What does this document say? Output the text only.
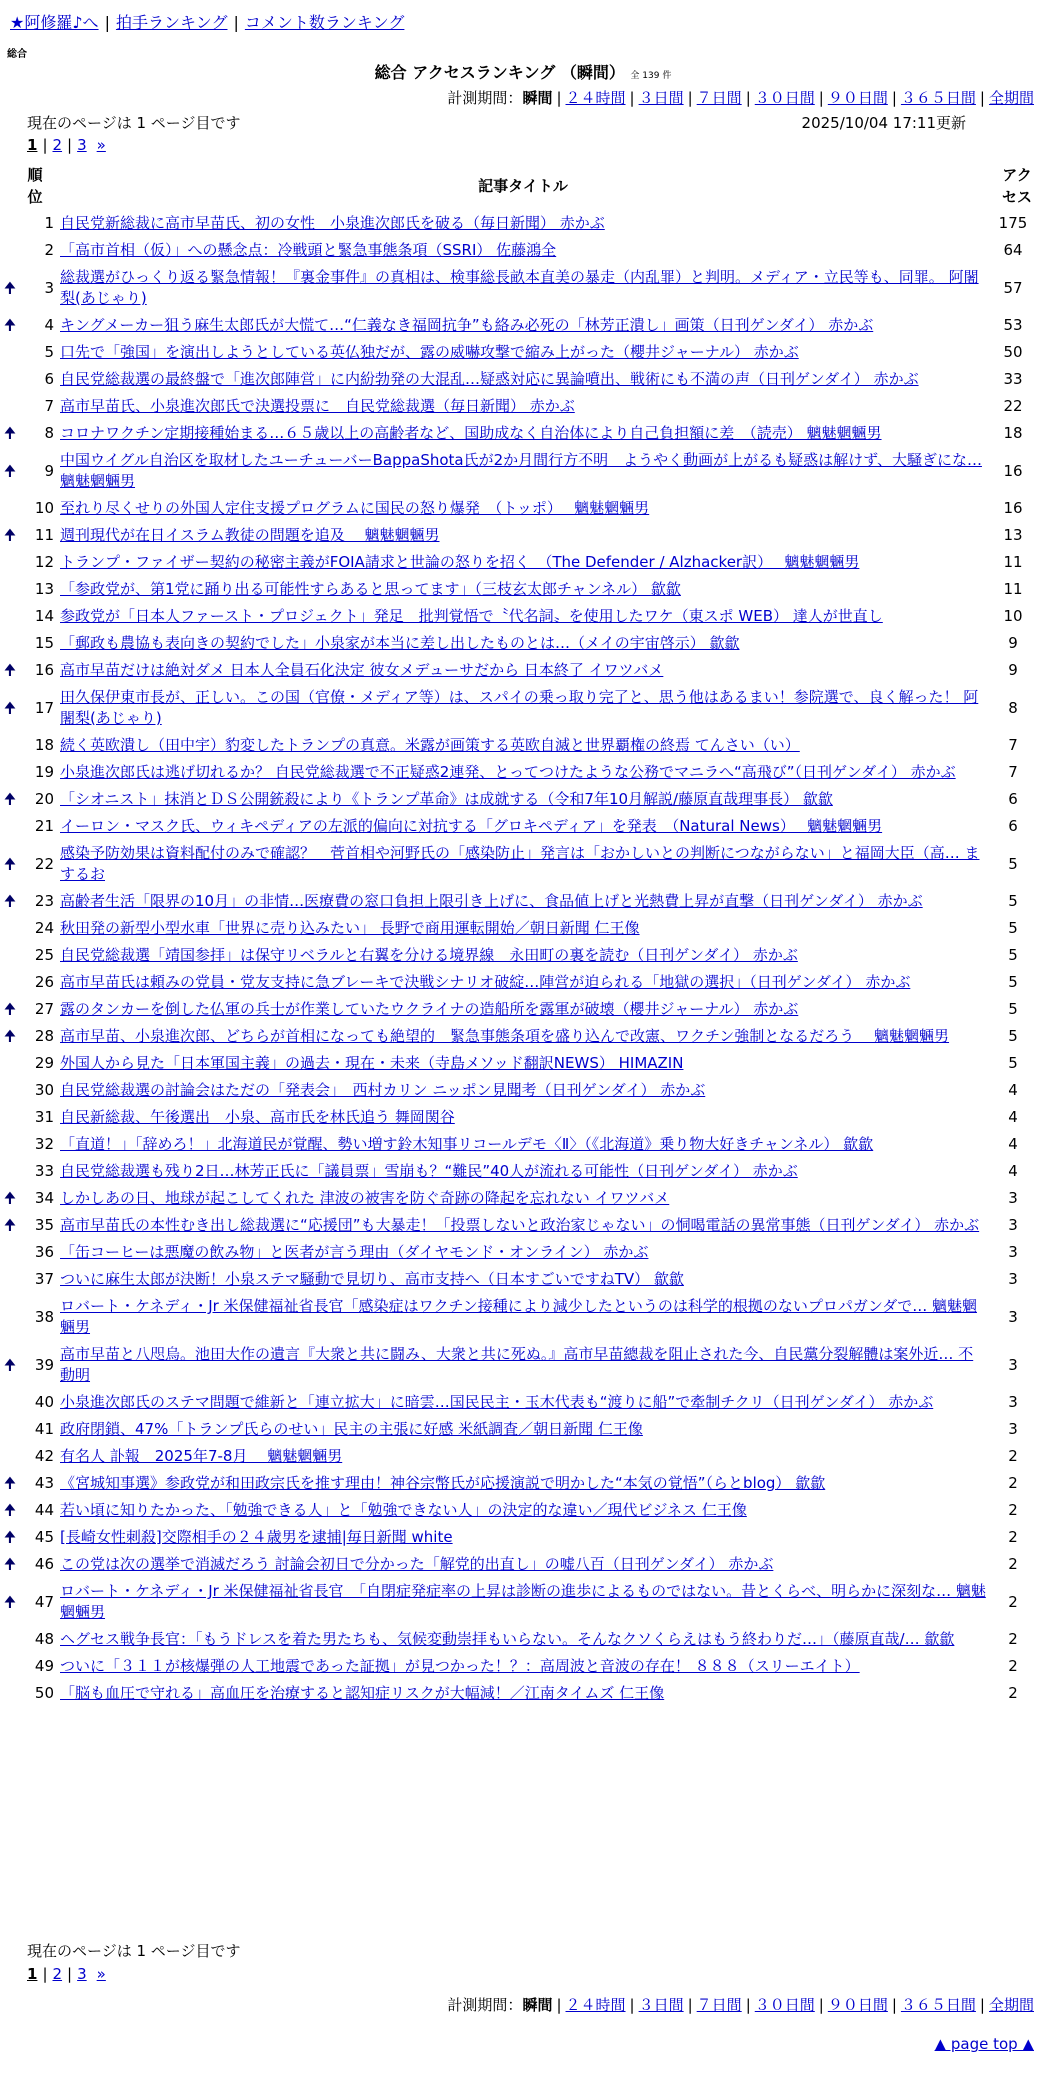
★阿修羅♪へ | 拍手ランキング | コメント数ランキング
総合
総合 アクセスランキング （瞬間） 全 139 件
計測期間：瞬間 | ２４時間 | ３日間 | ７日間 | ３０日間 | ９０日間 | ３６５日間 | 全期間
現在のページは 1 ページ目です	2025/10/04 17:11更新
1 | 2 | 3 »
順位		記事タイトル	アクセス

	1	自民党新総裁に高市早苗氏、初の女性　小泉進次郎氏を破る（毎日新聞） 赤かぶ	175
	2	「高市首相（仮）」への懸念点：冷戦頭と緊急事態条項（SSRI） 佐藤鴻全	64
🠉	3	総裁選がひっくり返る緊急情報！『裏金事件』の真相は、検事総長畝本直美の暴走（内乱罪）と判明。メディア・立民等も、同罪。 阿闍梨(あじゃり)	57
🠉	4	キングメーカー狙う麻生太郎氏が大慌て…“仁義なき福岡抗争”も絡み必死の「林芳正潰し」画策（日刊ゲンダイ） 赤かぶ	53
	5	口先で「強国」を演出しようとしている英仏独だが、露の威嚇攻撃で縮み上がった（櫻井ジャーナル） 赤かぶ	50
	6	自民党総裁選の最終盤で「進次郎陣営」に内紛勃発の大混乱…疑惑対応に異論噴出、戦術にも不満の声（日刊ゲンダイ） 赤かぶ	33
	7	高市早苗氏、小泉進次郎氏で決選投票に　自民党総裁選（毎日新聞） 赤かぶ	22
🠉	8	コロナワクチン定期接種始まる…６５歳以上の高齢者など、国助成なく自治体により自己負担額に差　（読売） 魑魅魍魎男	18
🠉	9	中国ウイグル自治区を取材したユーチューバーBappaShota氏が2か月間行方不明　ようやく動画が上がるも疑惑は解けず、大騒ぎにな… 魑魅魍魎男	16
	10	至れり尽くせりの外国人定住支援プログラムに国民の怒り爆発　（トッポ）　 魑魅魍魎男	16
🠉	11	週刊現代が在日イスラム教徒の問題を追及　 魑魅魍魎男	13
	12	トランプ・ファイザー契約の秘密主義がFOIA請求と世論の怒りを招く　（The Defender / Alzhacker訳）　 魑魅魍魎男	11
	13	「参政党が、第1党に踊り出る可能性すらあると思ってます」（三枝玄太郎チャンネル） 歙歙	11
	14	参政党が「日本人ファースト・プロジェクト」発足　批判覚悟で〝代名詞〟を使用したワケ（東スポ WEB） 達人が世直し	10
	15	「郵政も農協も表向きの契約でした」小泉家が本当に差し出したものとは…（メイの宇宙啓示） 歙歙	9
🠉	16	高市早苗だけは絶対ダメ 日本人全員石化決定 彼女メデューサだから 日本終了 イワツバメ	9
🠉	17	田久保伊東市長が、正しい。この国（官僚・メディア等）は、スパイの乗っ取り完了と、思う他はあるまい！参院選で、良く解った！ 阿闍梨(あじゃり)	8
	18	続く英欧潰し（田中宇）豹変したトランプの真意。米露が画策する英欧自滅と世界覇権の終焉 てんさい（い）	7
	19	小泉進次郎氏は逃げ切れるか？ 自民党総裁選で不正疑惑2連発、とってつけたような公務でマニラへ“高飛び”（日刊ゲンダイ） 赤かぶ	7
🠉	20	「シオニスト」抹消とＤＳ公開銃殺により《トランプ革命》は成就する（令和7年10月解説/藤原直哉理事長） 歙歙	6
	21	イーロン・マスク氏、ウィキペディアの左派的偏向に対抗する「グロキペディア」を発表　（Natural News）　 魑魅魍魎男	6
🠉	22	感染予防効果は資料配付のみで確認？　菅首相や河野氏の「感染防止」発言は「おかしいとの判断につながらない」と福岡大臣（高… まするお	5
🠉	23	高齢者生活「限界の10月」の非情…医療費の窓口負担上限引き上げに、食品値上げと光熱費上昇が直撃（日刊ゲンダイ） 赤かぶ	5
	24	秋田発の新型小型水車「世界に売り込みたい」 長野で商用運転開始／朝日新聞 仁王像	5
	25	自民党総裁選「靖国参拝」は保守リベラルと右翼を分ける境界線　永田町の裏を読む（日刊ゲンダイ） 赤かぶ	5
	26	高市早苗氏は頼みの党員・党友支持に急ブレーキで決戦シナリオ破綻…陣営が迫られる「地獄の選択」（日刊ゲンダイ） 赤かぶ	5
🠉	27	露のタンカーを倒した仏軍の兵士が作業していたウクライナの造船所を露軍が破壊（櫻井ジャーナル） 赤かぶ	5
🠉	28	高市早苗、小泉進次郎、どちらが首相になっても絶望的　緊急事態条項を盛り込んで改憲、ワクチン強制となるだろう　 魑魅魍魎男	5
	29	外国人から見た「日本軍国主義」の過去・現在・未来（寺島メソッド翻訳NEWS） HIMAZIN	5
	30	自民党総裁選の討論会はただの「発表会」　西村カリン ニッポン見聞考（日刊ゲンダイ） 赤かぶ	4
	31	自民新総裁、午後選出　小泉、高市氏を林氏追う 舞岡関谷	4
	32	「直道！」「辞めろ！」北海道民が覚醒、勢い増す鈴木知事リコールデモ〈Ⅱ〉（《北海道》乗り物大好きチャンネル） 歙歙	4
	33	自民党総裁選も残り2日…林芳正氏に「議員票」雪崩も？“難民”40人が流れる可能性（日刊ゲンダイ） 赤かぶ	4
🠉	34	しかしあの日、地球が起こしてくれた 津波の被害を防ぐ奇跡の降起を忘れない イワツバメ	3
🠉	35	高市早苗氏の本性むき出し総裁選に“応援団”も大暴走！「投票しないと政治家じゃない」の恫喝電話の異常事態（日刊ゲンダイ） 赤かぶ	3
	36	「缶コーヒーは悪魔の飲み物」と医者が言う理由（ダイヤモンド・オンライン） 赤かぶ	3
	37	ついに麻生太郎が決断！小泉ステマ騒動で見切り、高市支持へ（日本すごいですねTV） 歙歙	3
	38	ロバート・ケネディ・Jr 米保健福祉省長官「感染症はワクチン接種により減少したというのは科学的根拠のないプロパガンダで… 魑魅魍魎男	3
🠉	39	高市早苗と八咫烏。池田大作の遺言『大衆と共に闘み、大衆と共に死ぬ。』高市早苗總裁を阻止された今、自民黨分裂解體は案外近… 不動明	3
	40	小泉進次郎氏のステマ問題で維新と「連立拡大」に暗雲…国民民主・玉木代表も“渡りに船”で牽制チクリ（日刊ゲンダイ） 赤かぶ	3
	41	政府閉鎖、47%「トランプ氏らのせい」民主の主張に好感 米紙調査／朝日新聞 仁王像	3
	42	有名人 訃報　2025年7-8月　 魑魅魍魎男	2
🠉	43	《宮城知事選》参政党が和田政宗氏を推す理由！神谷宗幣氏が応援演説で明かした“本気の覚悟”（らとblog） 歙歙	2
🠉	44	若い頃に知りたかった、「勉強できる人」と「勉強できない人」の決定的な違い／現代ビジネス 仁王像	2
🠉	45	[長崎女性刺殺]交際相手の２４歳男を逮捕|毎日新聞 white	2
🠉	46	この党は次の選挙で消滅だろう 討論会初日で分かった「解党的出直し」の嘘八百（日刊ゲンダイ） 赤かぶ	2
🠉	47	ロバート・ケネディ・Jr 米保健福祉省長官　「自閉症発症率の上昇は診断の進歩によるものではない。昔とくらべ、明らかに深刻な… 魑魅魍魎男	2
	48	ヘグセス戦争長官：「もうドレスを着た男たちも、気候変動崇拝もいらない。そんなクソくらえはもう終わりだ…」（藤原直哉/… 歙歙	2
	49	ついに「３１１が核爆弾の人工地震であった証拠」が見つかった！？：高周波と音波の存在！ ８８８（スリーエイト）	2
	50	「脳も血圧で守れる」高血圧を治療すると認知症リスクが大幅減！／江南タイムズ 仁王像	2
現在のページは 1 ページ目です
1 | 2 | 3 »
計測期間：瞬間 | ２４時間 | ３日間 | ７日間 | ３０日間 | ９０日間 | ３６５日間 | 全期間
▲ page top ▲
